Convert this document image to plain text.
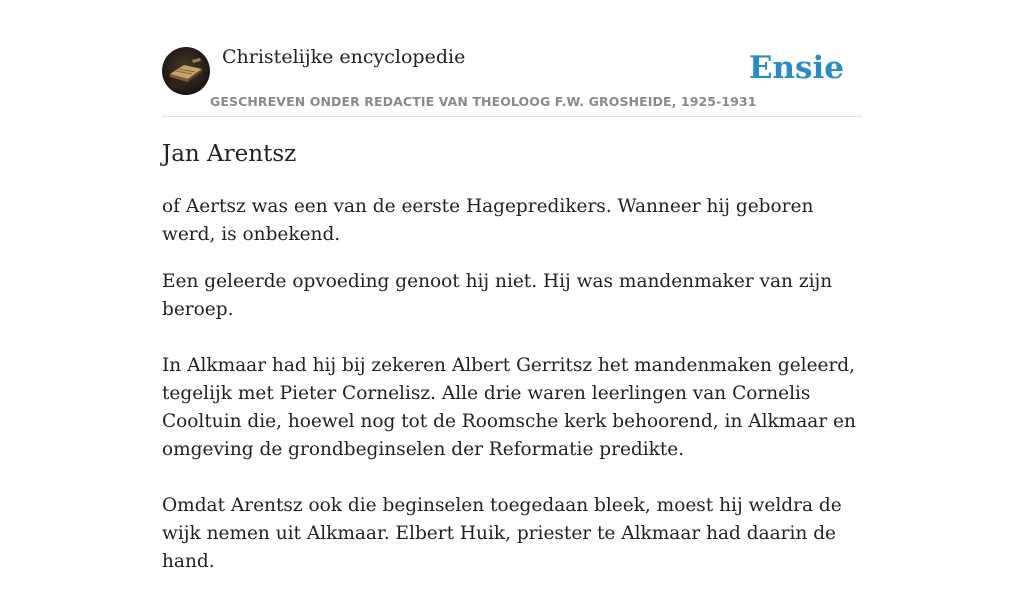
Christelijke encyclopedie
GESCHREVEN ONDER REDACTIE VAN THEOLOOG F.W. GROSHEIDE, 1925-1931
Ensie
Jan Arentsz

of Aertsz was een van de eerste Hagepredikers. Wanneer hij geboren werd, is onbekend.

Een geleerde opvoeding genoot hij niet. Hij was mandenmaker van zijn beroep.

In Alkmaar had hij bij zekeren Albert Gerritsz het mandenmaken geleerd, tegelijk met Pieter Cornelisz. Alle drie waren leerlingen van Cornelis Cooltuin die, hoewel nog tot de Roomsche kerk behoorend, in Alkmaar en omgeving de grondbeginselen der Reformatie predikte.

Omdat Arentsz ook die beginselen toegedaan bleek, moest hij weldra de wijk nemen uit Alkmaar. Elbert Huik, priester te Alkmaar had daarin de hand.
